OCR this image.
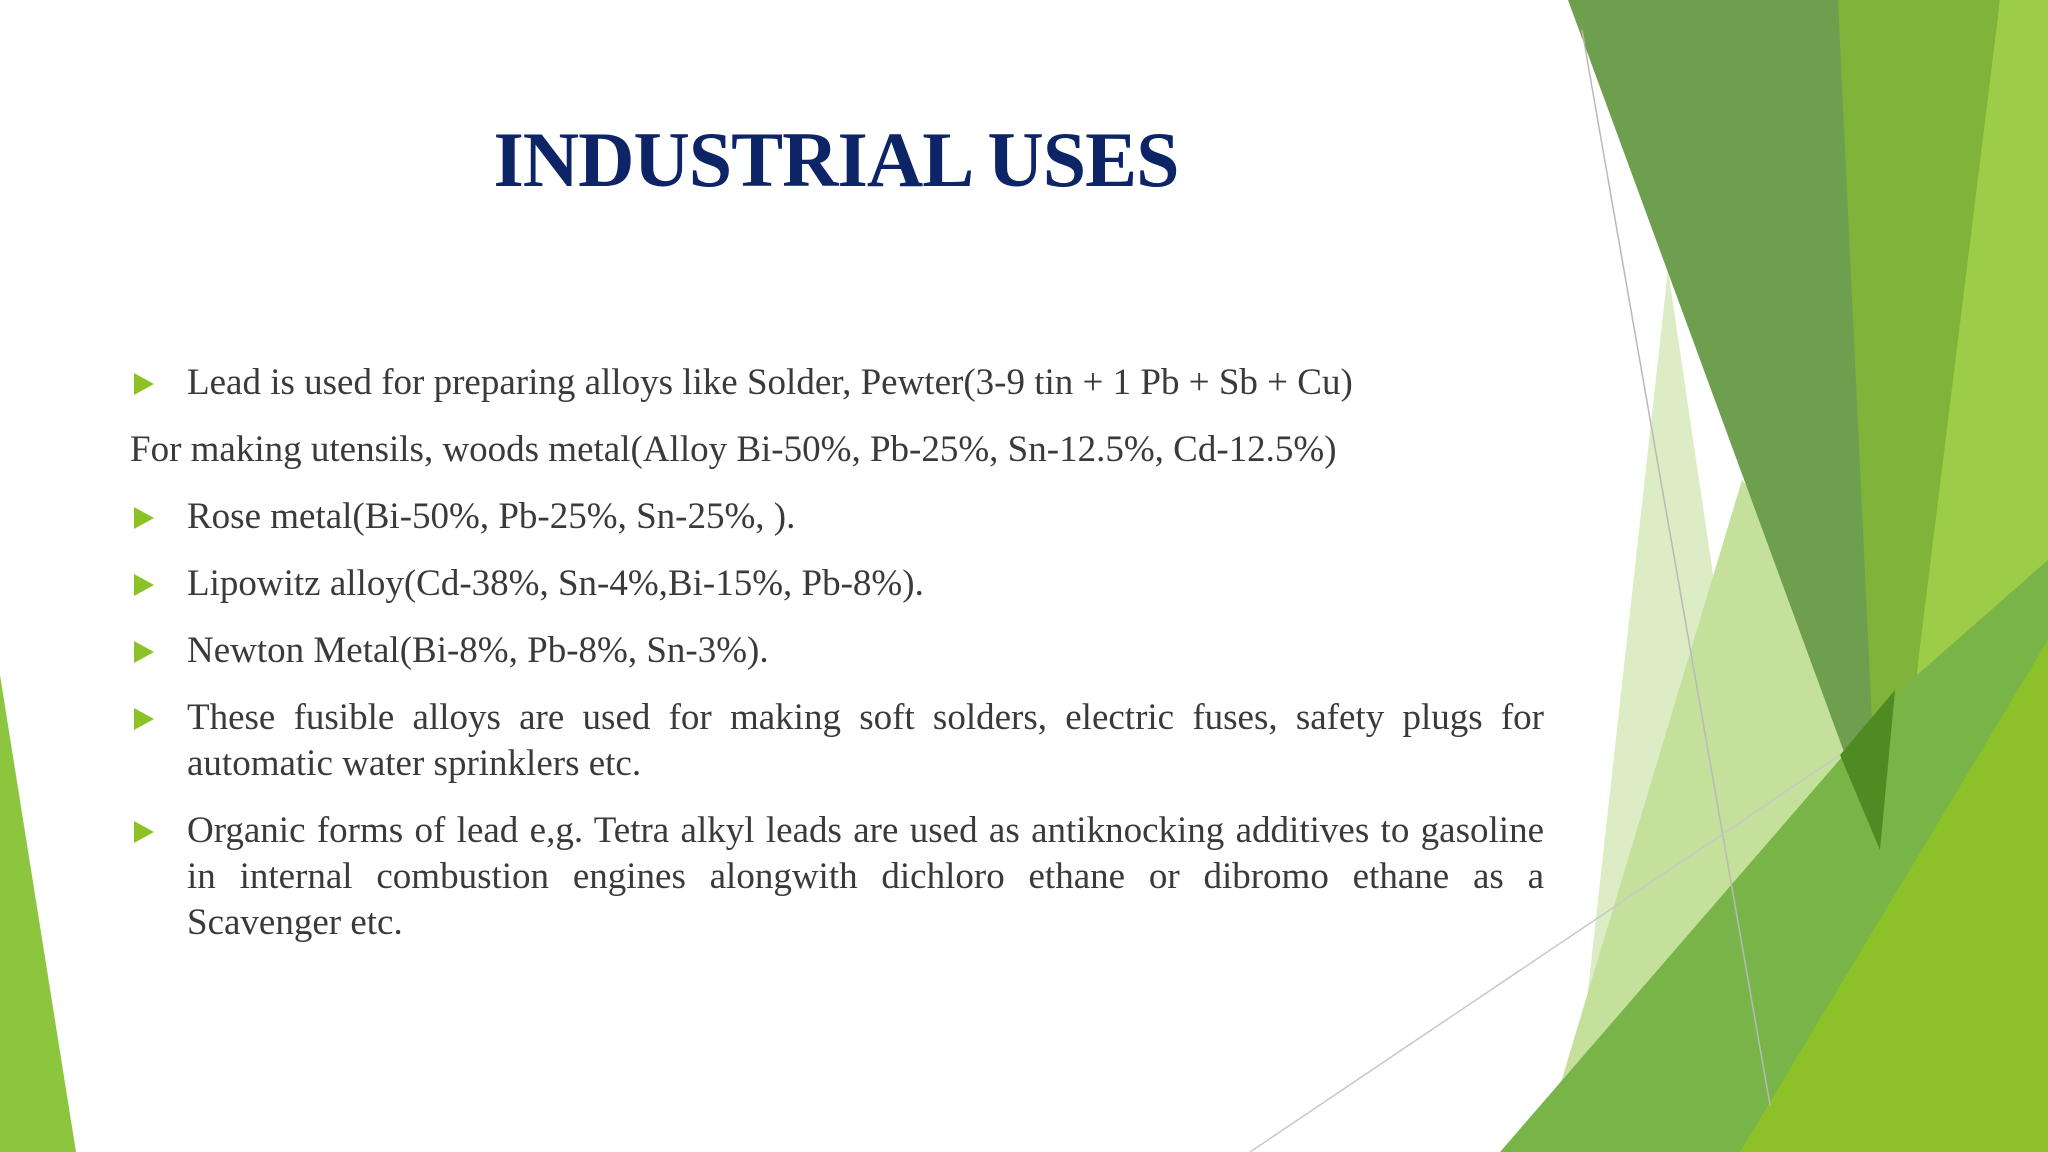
INDUSTRIAL USES
Lead is used for preparing alloys like Solder, Pewter(3-9 tin + 1 Pb + Sb + Cu)
For making utensils, woods metal(Alloy Bi-50%, Pb-25%, Sn-12.5%, Cd-12.5%)
Rose metal(Bi-50%, Pb-25%, Sn-25%, ).
Lipowitz alloy(Cd-38%, Sn-4%,Bi-15%, Pb-8%).
Newton Metal(Bi-8%, Pb-8%, Sn-3%).
These fusible alloys are used for making soft solders, electric fuses, safety plugs for automatic water sprinklers etc.
Organic forms of lead e,g. Tetra alkyl leads are used as antiknocking additives to gasoline in internal combustion engines alongwith dichloro ethane or dibromo ethane as a Scavenger etc.
